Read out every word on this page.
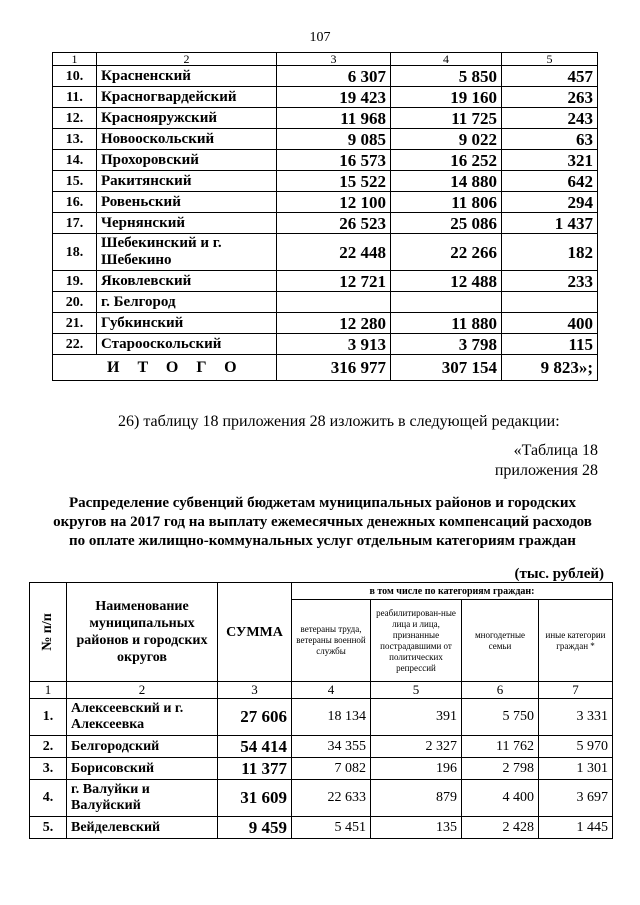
107
1	2	3	4	5
10.	Красненский	6 307	5 850	457
11.	Красногвардейский	19 423	19 160	263
12.	Краснояружский	11 968	11 725	243
13.	Новооскольский	9 085	9 022	63
14.	Прохоровский	16 573	16 252	321
15.	Ракитянский	15 522	14 880	642
16.	Ровеньский	12 100	11 806	294
17.	Чернянский	26 523	25 086	1 437
18.	Шебекинский и г. Шебекино	22 448	22 266	182
19.	Яковлевский	12 721	12 488	233
20.	г. Белгород			
21.	Губкинский	12 280	11 880	400
22.	Старооскольский	3 913	3 798	115
ИТОГО		316 977	307 154	9 823»;
26) таблицу 18 приложения 28 изложить в следующей редакции:
«Таблица 18
приложения 28
Распределение субвенций бюджетам муниципальных районов и городских округов на 2017 год на выплату ежемесячных денежных компенсаций расходов по оплате жилищно-коммунальных услуг отдельным категориям граждан
(тыс. рублей)
№ п/п	Наименование муниципальных районов и городских округов	СУММА	в том числе по категориям граждан:			
			ветераны труда, ветераны военной службы	реабилитирован-ные лица и лица, признанные пострадавшими от политических репрессий	многодетные семьи	иные категории граждан *
1	2	3	4	5	6	7
1.	Алексеевский и г. Алексеевка	27 606	18 134	391	5 750	3 331
2.	Белгородский	54 414	34 355	2 327	11 762	5 970
3.	Борисовский	11 377	7 082	196	2 798	1 301
4.	г. Валуйки и Валуйский	31 609	22 633	879	4 400	3 697
5.	Вейделевский	9 459	5 451	135	2 428	1 445
